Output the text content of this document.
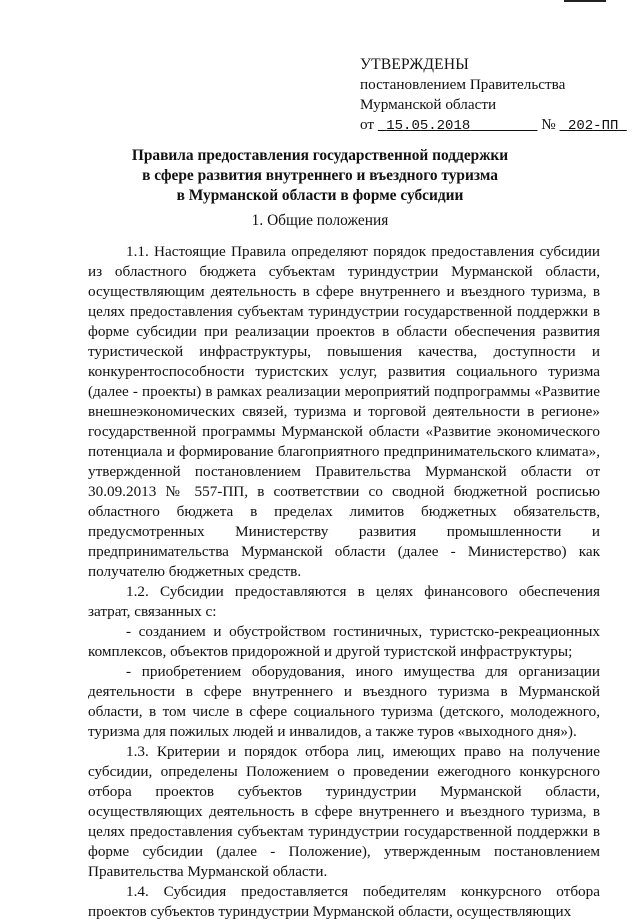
УТВЕРЖДЕНЫ
постановлением Правительства
Мурманской области
от 15.05.2018	№ 202-ПП
Правила предоставления государственной поддержки
в сфере развития внутреннего и въездного туризма
в Мурманской области в форме субсидии
1. Общие положения

1.1. Настоящие Правила определяют порядок предоставления субсидии из областного бюджета субъектам туриндустрии Мурманской области, осуществляющим деятельность в сфере внутреннего и въездного туризма, в целях предоставления субъектам туриндустрии государственной поддержки в форме субсидии при реализации проектов в области обеспечения развития туристической инфраструктуры, повышения качества, доступности и конкурентоспособности туристских услуг, развития социального туризма (далее - проекты) в рамках реализации мероприятий подпрограммы «Развитие внешнеэкономических связей, туризма и торговой деятельности в регионе» государственной программы Мурманской области «Развитие экономического потенциала и формирование благоприятного предпринимательского климата», утвержденной постановлением Правительства Мурманской области от 30.09.2013 № 557-ПП, в соответствии со сводной бюджетной росписью областного бюджета в пределах лимитов бюджетных обязательств, предусмотренных Министерству развития промышленности и предпринимательства Мурманской области (далее - Министерство) как получателю бюджетных средств.

1.2. Субсидии предоставляются в целях финансового обеспечения затрат, связанных с:

- созданием и обустройством гостиничных, туристско-рекреационных комплексов, объектов придорожной и другой туристской инфраструктуры;

- приобретением оборудования, иного имущества для организации деятельности в сфере внутреннего и въездного туризма в Мурманской области, в том числе в сфере социального туризма (детского, молодежного, туризма для пожилых людей и инвалидов, а также туров «выходного дня»).

1.3. Критерии и порядок отбора лиц, имеющих право на получение субсидии, определены Положением о проведении ежегодного конкурсного отбора проектов субъектов туриндустрии Мурманской области, осуществляющих деятельность в сфере внутреннего и въездного туризма, в целях предоставления субъектам туриндустрии государственной поддержки в форме субсидии (далее - Положение), утвержденным постановлением Правительства Мурманской области.

1.4. Субсидия предоставляется победителям конкурсного отбора проектов субъектов туриндустрии Мурманской области, осуществляющих
